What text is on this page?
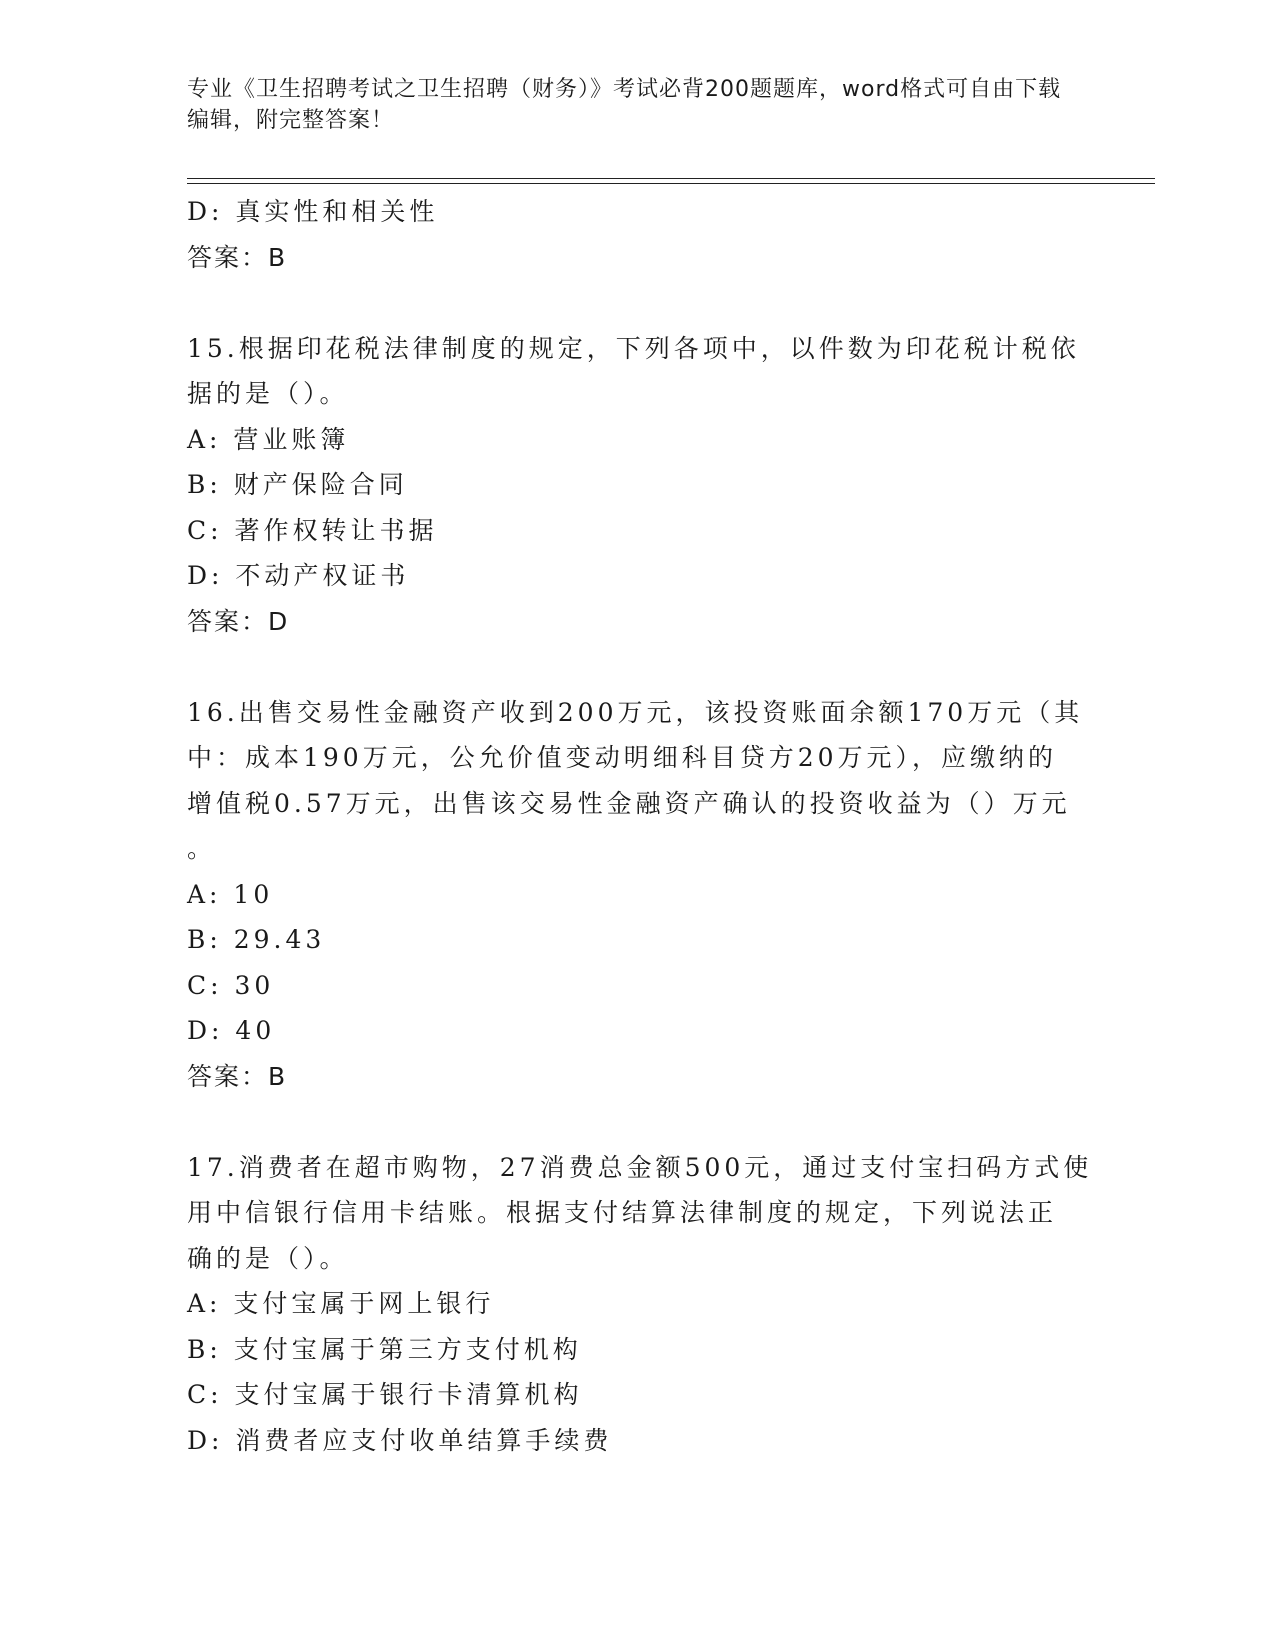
专业《卫生招聘考试之卫生招聘（财务）》考试必背200题题库，word格式可自由下载编辑，附完整答案！
D: 真实性和相关性
答案：B
15.根据印花税法律制度的规定，下列各项中，以件数为印花税计税依
据的是（）。
A: 营业账簿
B: 财产保险合同
C: 著作权转让书据
D: 不动产权证书
答案：D
16.出售交易性金融资产收到200万元，该投资账面余额170万元（其
中：成本190万元，公允价值变动明细科目贷方20万元），应缴纳的
增值税0.57万元，出售该交易性金融资产确认的投资收益为（）万元
。
A: 10
B: 29.43
C: 30
D: 40
答案：B
17.消费者在超市购物，27消费总金额500元，通过支付宝扫码方式使
用中信银行信用卡结账。根据支付结算法律制度的规定，下列说法正
确的是（）。
A: 支付宝属于网上银行
B: 支付宝属于第三方支付机构
C: 支付宝属于银行卡清算机构
D: 消费者应支付收单结算手续费
